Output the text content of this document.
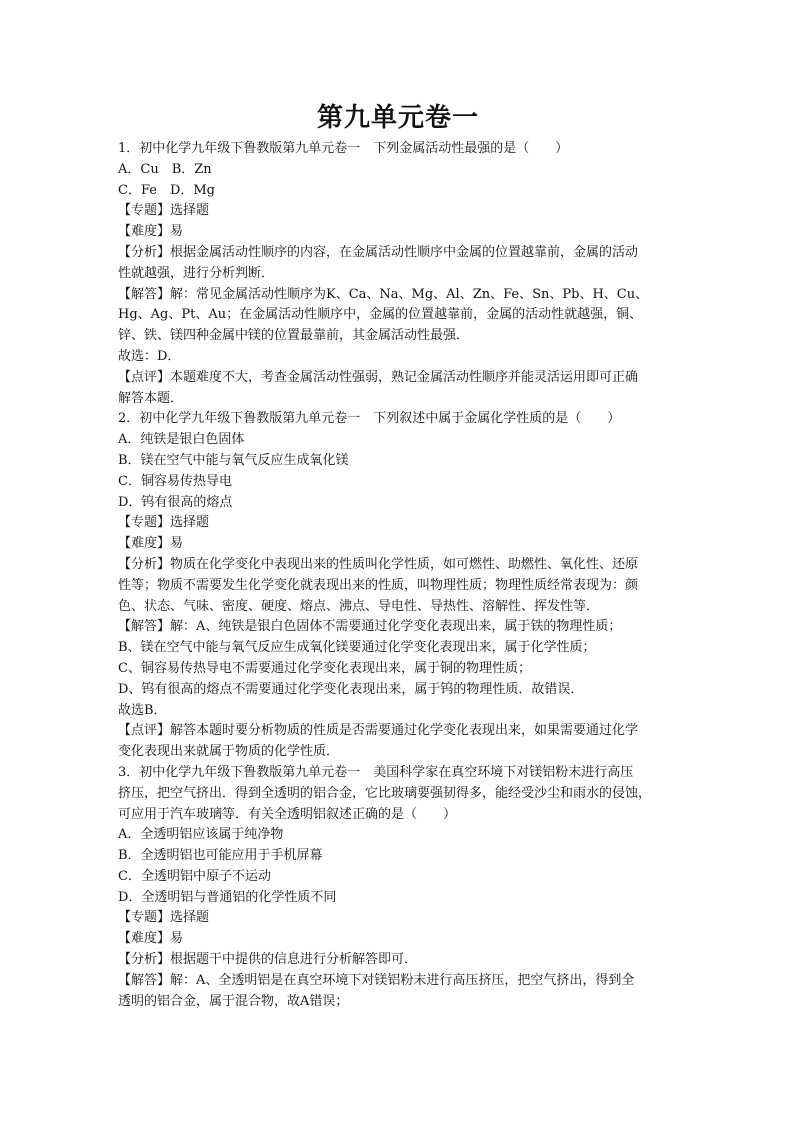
第九单元卷一
1．初中化学九年级下鲁教版第九单元卷一　下列金属活动性最强的是（　　）
A．Cu　B．Zn
C．Fe　D．Mg
【专题】选择题
【难度】易
【分析】根据金属活动性顺序的内容，在金属活动性顺序中金属的位置越靠前，金属的活动
性就越强，进行分析判断．
【解答】解：常见金属活动性顺序为K、Ca、Na、Mg、Al、Zn、Fe、Sn、Pb、H、Cu、
Hg、Ag、Pt、Au；在金属活动性顺序中，金属的位置越靠前，金属的活动性就越强，铜、
锌、铁、镁四种金属中镁的位置最靠前，其金属活动性最强．
故选：D．
【点评】本题难度不大，考查金属活动性强弱，熟记金属活动性顺序并能灵活运用即可正确
解答本题．
2．初中化学九年级下鲁教版第九单元卷一　下列叙述中属于金属化学性质的是（　　）
A．纯铁是银白色固体
B．镁在空气中能与氧气反应生成氧化镁
C．铜容易传热导电
D．钨有很高的熔点
【专题】选择题
【难度】易
【分析】物质在化学变化中表现出来的性质叫化学性质，如可燃性、助燃性、氧化性、还原
性等；物质不需要发生化学变化就表现出来的性质，叫物理性质；物理性质经常表现为：颜
色、状态、气味、密度、硬度、熔点、沸点、导电性、导热性、溶解性、挥发性等．
【解答】解：A、纯铁是银白色固体不需要通过化学变化表现出来，属于铁的物理性质；
B、镁在空气中能与氧气反应生成氧化镁要通过化学变化表现出来，属于化学性质；
C、铜容易传热导电不需要通过化学变化表现出来，属于铜的物理性质；
D、钨有很高的熔点不需要通过化学变化表现出来，属于钨的物理性质．故错误．
故选B．
【点评】解答本题时要分析物质的性质是否需要通过化学变化表现出来，如果需要通过化学
变化表现出来就属于物质的化学性质．
3．初中化学九年级下鲁教版第九单元卷一　美国科学家在真空环境下对镁铝粉末进行高压
挤压，把空气挤出．得到全透明的铝合金，它比玻璃要强韧得多，能经受沙尘和雨水的侵蚀，
可应用于汽车玻璃等．有关全透明铝叙述正确的是（　　）
A．全透明铝应该属于纯净物
B．全透明铝也可能应用于手机屏幕
C．全透明铝中原子不运动
D．全透明铝与普通铝的化学性质不同
【专题】选择题
【难度】易
【分析】根据题干中提供的信息进行分析解答即可．
【解答】解：A、全透明铝是在真空环境下对镁铝粉末进行高压挤压，把空气挤出，得到全
透明的铝合金，属于混合物，故A错误；
